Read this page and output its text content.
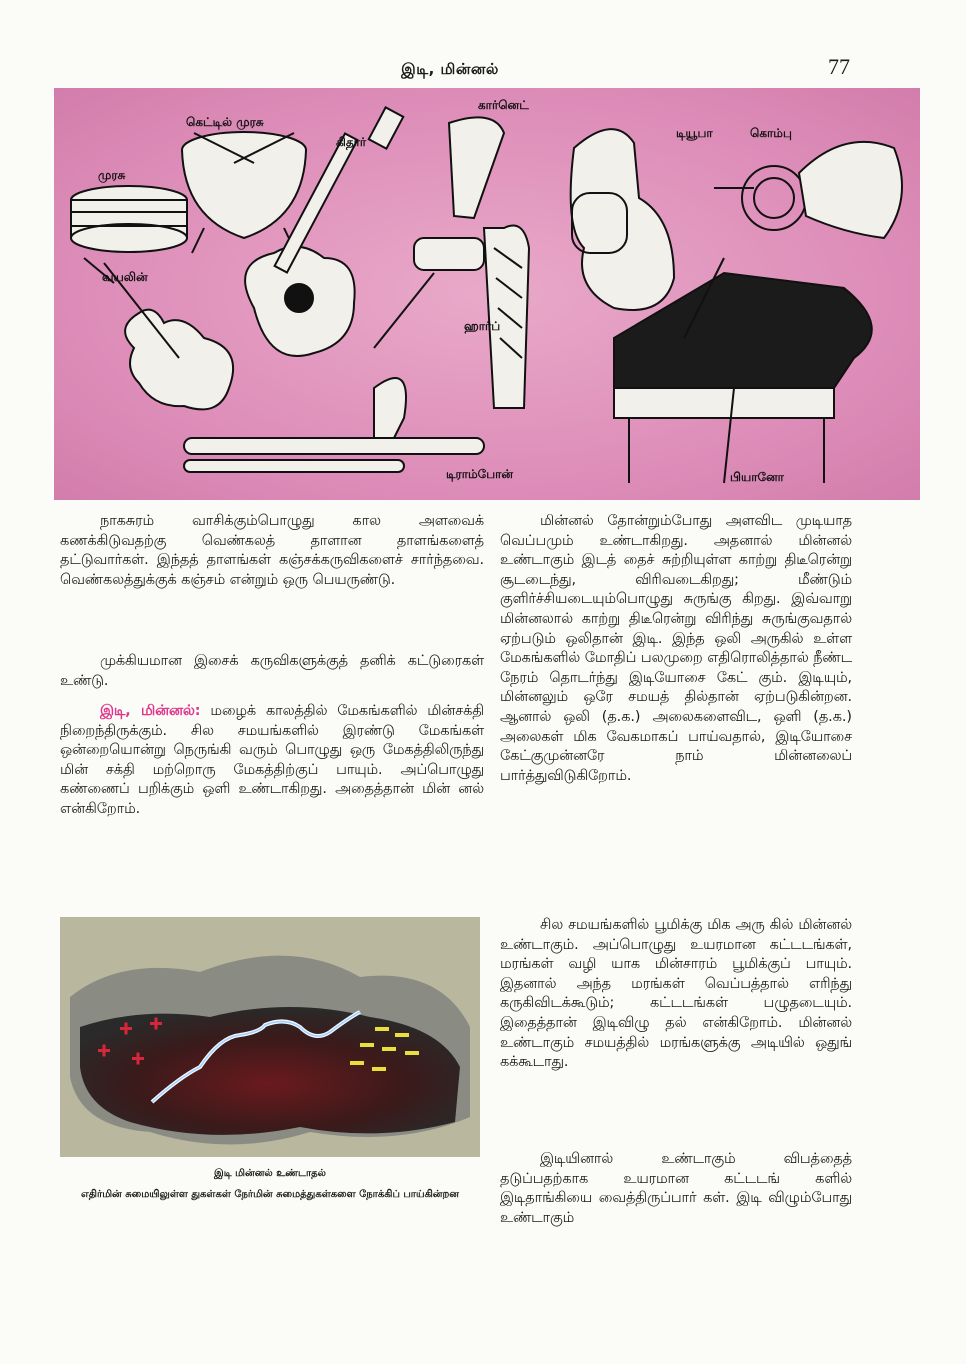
இடி, மின்னல்	77
முரசு
கெட்டில் முரசு
கிதார்
கார்னெட்
டியூபா	கொம்பு
வயலின்
ஹார்ப்
டிராம்போன்	பியானோ

நாகசுரம் வாசிக்கும்பொழுது கால அளவைக் கணக்கிடுவதற்கு வெண்கலத் தாளான தாளங்களைத் தட்டுவார்கள். இந்தத் தாளங்கள் கஞ்சக்கருவிகளைச் சார்ந்தவை. வெண்கலத்துக்குக் கஞ்சம் என்றும் ஒரு பெயருண்டு.

முக்கியமான இசைக் கருவிகளுக்குத் தனிக் கட்டுரைகள் உண்டு.

இடி, மின்னல்: மழைக் காலத்தில் மேகங்களில் மின்சக்தி நிறைந்திருக்கும். சில சமயங்களில் இரண்டு மேகங்கள் ஒன்றையொன்று நெருங்கி வரும் பொழுது ஒரு மேகத்திலிருந்து மின் சக்தி மற்றொரு மேகத்திற்குப் பாயும். அப்பொழுது கண்ணைப் பறிக்கும் ஒளி உண்டாகிறது. அதைத்தான் மின் னல் என்கிறோம்.

இடி மின்னல் உண்டாதல்
எதிர்மின் சுமையிலுள்ள துகள்கள் நேர்மின் சுமைத்துகள்களை நோக்கிப் பாய்கின்றன

மின்னல் தோன்றும்போது அளவிட முடியாத வெப்பமும் உண்டாகிறது. அதனால் மின்னல் உண்டாகும் இடத் தைச் சுற்றியுள்ள காற்று திடீரென்று சூடடைந்து, விரிவடைகிறது; மீண்டும் குளிர்ச்சியடையும்பொழுது சுருங்கு கிறது. இவ்வாறு மின்னலால் காற்று திடீரென்று விரிந்து சுருங்குவதால் ஏற்படும் ஒலிதான் இடி. இந்த ஒலி அருகில் உள்ள மேகங்களில் மோதிப் பலமுறை எதிரொலித்தால் நீண்ட நேரம் தொடர்ந்து இடியோசை கேட் கும். இடியும், மின்னலும் ஒரே சமயத் தில்தான் ஏற்படுகின்றன. ஆனால் ஒலி (த.க.) அலைகளைவிட, ஒளி (த.க.) அலைகள் மிக வேகமாகப் பாய்வதால், இடியோசை கேட்குமுன்னரே நாம் மின்னலைப் பார்த்துவிடுகிறோம்.

சில சமயங்களில் பூமிக்கு மிக அரு கில் மின்னல் உண்டாகும். அப்பொழுது உயரமான கட்டடங்கள், மரங்கள் வழி யாக மின்சாரம் பூமிக்குப் பாயும். இதனால் அந்த மரங்கள் வெப்பத்தால் எரிந்து கருகிவிடக்கூடும்; கட்டடங்கள் பழுதடையும். இதைத்தான் இடிவிழு தல் என்கிறோம். மின்னல் உண்டாகும் சமயத்தில் மரங்களுக்கு அடியில் ஒதுங் கக்கூடாது.

இடியினால் உண்டாகும் விபத்தைத் தடுப்பதற்காக உயரமான கட்டடங் களில் இடிதாங்கியை வைத்திருப்பார் கள். இடி விழும்போது உண்டாகும்
